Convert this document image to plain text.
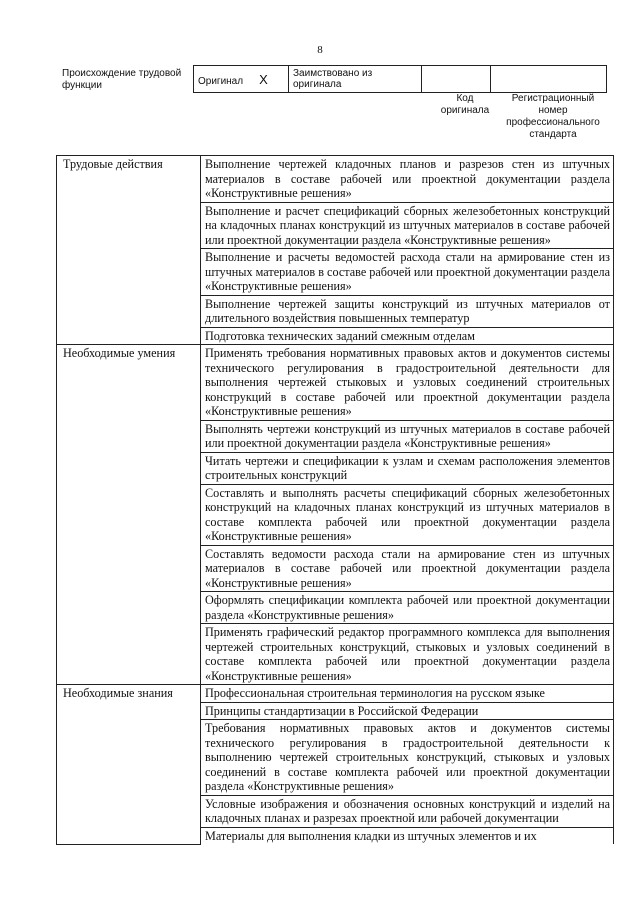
8
Происхождение трудовой функции	Оригинал X	Заимствовано из оригинала		
Код оригинала
Регистрационный номер профессионального стандарта
Трудовые действия	Выполнение чертежей кладочных планов и разрезов стен из штучных материалов в составе рабочей или проектной документации раздела «Конструктивные решения»
	Выполнение и расчет спецификаций сборных железобетонных конструкций на кладочных планах конструкций из штучных материалов в составе рабочей или проектной документации раздела «Конструктивные решения»
	Выполнение и расчеты ведомостей расхода стали на армирование стен из штучных материалов в составе рабочей или проектной документации раздела «Конструктивные решения»
	Выполнение чертежей защиты конструкций из штучных материалов от длительного воздействия повышенных температур
	Подготовка технических заданий смежным отделам
Необходимые умения	Применять требования нормативных правовых актов и документов системы технического регулирования в градостроительной деятельности для выполнения чертежей стыковых и узловых соединений строительных конструкций в составе рабочей или проектной документации раздела «Конструктивные решения»
	Выполнять чертежи конструкций из штучных материалов в составе рабочей или проектной документации раздела «Конструктивные решения»
	Читать чертежи и спецификации к узлам и схемам расположения элементов строительных конструкций
	Составлять и выполнять расчеты спецификаций сборных железобетонных конструкций на кладочных планах конструкций из штучных материалов в составе комплекта рабочей или проектной документации раздела «Конструктивные решения»
	Составлять ведомости расхода стали на армирование стен из штучных материалов в составе рабочей или проектной документации раздела «Конструктивные решения»
	Оформлять спецификации комплекта рабочей или проектной документации раздела «Конструктивные решения»
	Применять графический редактор программного комплекса для выполнения чертежей строительных конструкций, стыковых и узловых соединений в составе комплекта рабочей или проектной документации раздела «Конструктивные решения»
Необходимые знания	Профессиональная строительная терминология на русском языке
	Принципы стандартизации в Российской Федерации
	Требования нормативных правовых актов и документов системы технического регулирования в градостроительной деятельности к выполнению чертежей строительных конструкций, стыковых и узловых соединений в составе комплекта рабочей или проектной документации раздела «Конструктивные решения»
	Условные изображения и обозначения основных конструкций и изделий на кладочных планах и разрезах проектной или рабочей документации
	Материалы для выполнения кладки из штучных элементов и их
